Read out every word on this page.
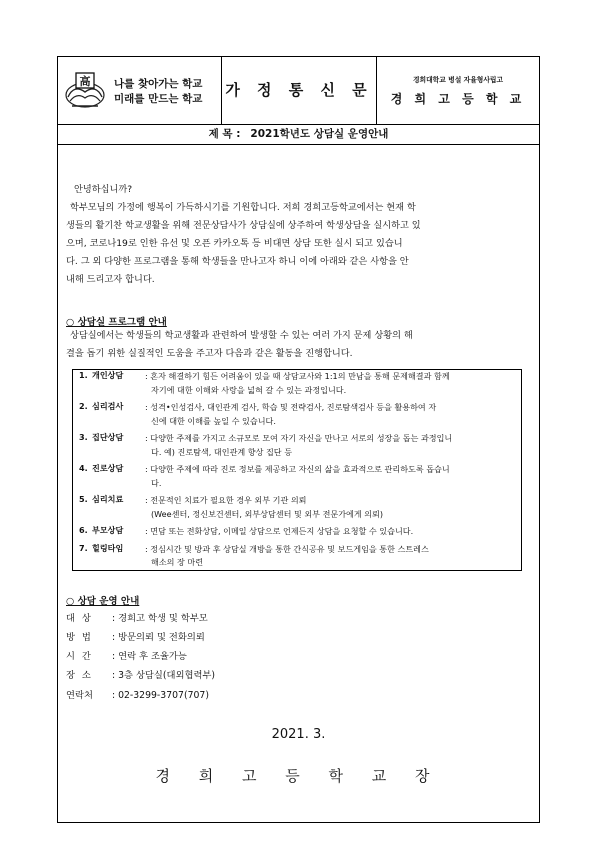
高 나를 찾아가는 학교
미래를 만드는 학교 가 정 통 신 문
경희대학교 병설 자율형사립고
경 희 고 등 학 교
제 목 : 2021학년도 상담실 운영안내
안녕하십니까?
학부모님의 가정에 행복이 가득하시기를 기원합니다. 저희 경희고등학교에서는 현재 학
생들의 활기찬 학교생활을 위해 전문상담사가 상담실에 상주하여 학생상담을 실시하고 있
으며, 코로나19로 인한 유선 및 오픈 카카오톡 등 비대면 상담 또한 실시 되고 있습니
다. 그 외 다양한 프로그램을 통해 학생들을 만나고자 하니 이에 아래와 같은 사항을 안
내해 드리고자 합니다.
○ 상담실 프로그램 안내
상담실에서는 학생들의 학교생활과 관련하여 발생할 수 있는 여러 가지 문제 상황의 해
결을 돕기 위한 실질적인 도움을 주고자 다음과 같은 활동을 진행합니다.
1. 개인상담	: 혼자 해결하기 힘든 어려움이 있을 때 상담교사와 1:1의 만남을 통해 문제해결과 함께
자기에 대한 이해와 사랑을 넓혀 갈 수 있는 과정입니다.
2. 심리검사	: 성격•인성검사, 대인관계 검사, 학습 및 전략검사, 진로탐색검사 등을 활용하여 자
신에 대한 이해를 높일 수 있습니다.
3. 집단상담	: 다양한 주제를 가지고 소규모로 모여 자기 자신을 만나고 서로의 성장을 돕는 과정입니
다. 예) 진로탐색, 대인관계 향상 집단 등
4. 진로상담	: 다양한 주제에 따라 진로 정보를 제공하고 자신의 삶을 효과적으로 관리하도록 돕습니
다.
5. 심리치료	: 전문적인 치료가 필요한 경우 외부 기관 의뢰
(Wee센터, 정신보건센터, 외부상담센터 및 외부 전문가에게 의뢰)
6. 부모상담	: 면담 또는 전화상담, 이메일 상담으로 언제든지 상담을 요청할 수 있습니다.
7. 힐링타임	: 정심시간 및 방과 후 상담실 개방을 통한 간식공유 및 보드게임을 통한 스트레스
해소의 장 마련
○ 상담 운영 안내
대 상 : 경희고 학생 및 학부모
방 법 : 방문의뢰 및 전화의뢰
시 간 : 연락 후 조율가능
장 소 : 3층 상담실(대외협력부)
연락처 : 02-3299-3707(707)
2021. 3.
경 희 고 등 학 교 장
